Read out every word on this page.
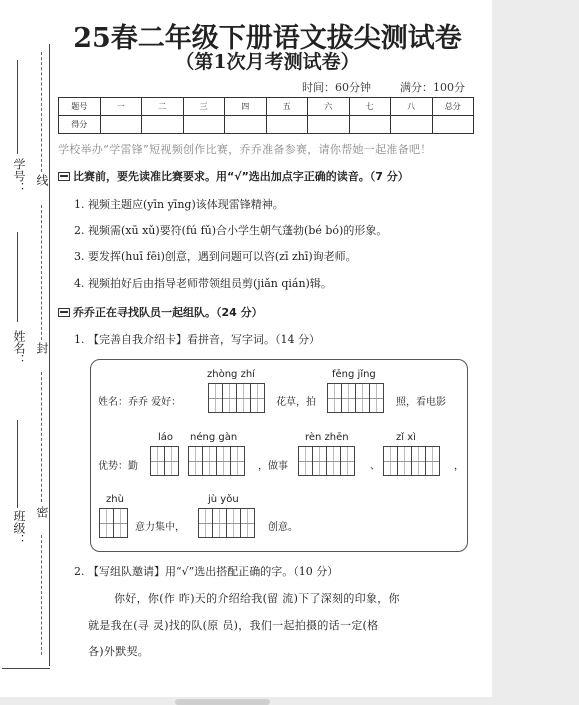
线
封
密
学号：
姓名：
班级：
25春二年级下册语文拔尖测试卷
（第1次月考测试卷）
时间：60分钟	满分：100分
题号	一	二	三	四	五	六	七	八	总分
得分									
学校举办“学雷锋”短视频创作比赛，乔乔准备参赛，请你帮她一起准备吧！
比赛前，要先读准比赛要求。用“√”选出加点字正确的读音。（7 分）
1. 视频主题应(yīn yīng)该体现雷锋精神。
2. 视频需(xū xǔ)要符(fú fǔ)合小学生朝气蓬勃(bé bó)的形象。
3. 要发挥(huī fēi)创意，遇到问题可以咨(zī zhī)询老师。
4. 视频拍好后由指导老师带领组员剪(jiǎn qián)辑。
乔乔正在寻找队员一起组队。（24 分）
1. 【完善自我介绍卡】看拼音，写字词。（14 分）
zhòng zhí	fēng jǐng
姓名：乔乔 爱好：	花草，拍	照，看电影
láo néng gàn	rèn zhēn	zǐ xì
优势：勤	，做事	、	，
zhù	jù yǒu
意力集中，	创意。
2. 【写组队邀请】用“√”选出搭配正确的字。（10 分）
你好，你(作 昨)天的介绍给我(留 流)下了深刻的印象，你
就是我在(寻 灵)找的队(原 员)，我们一起拍摄的话一定(格
各)外默契。
